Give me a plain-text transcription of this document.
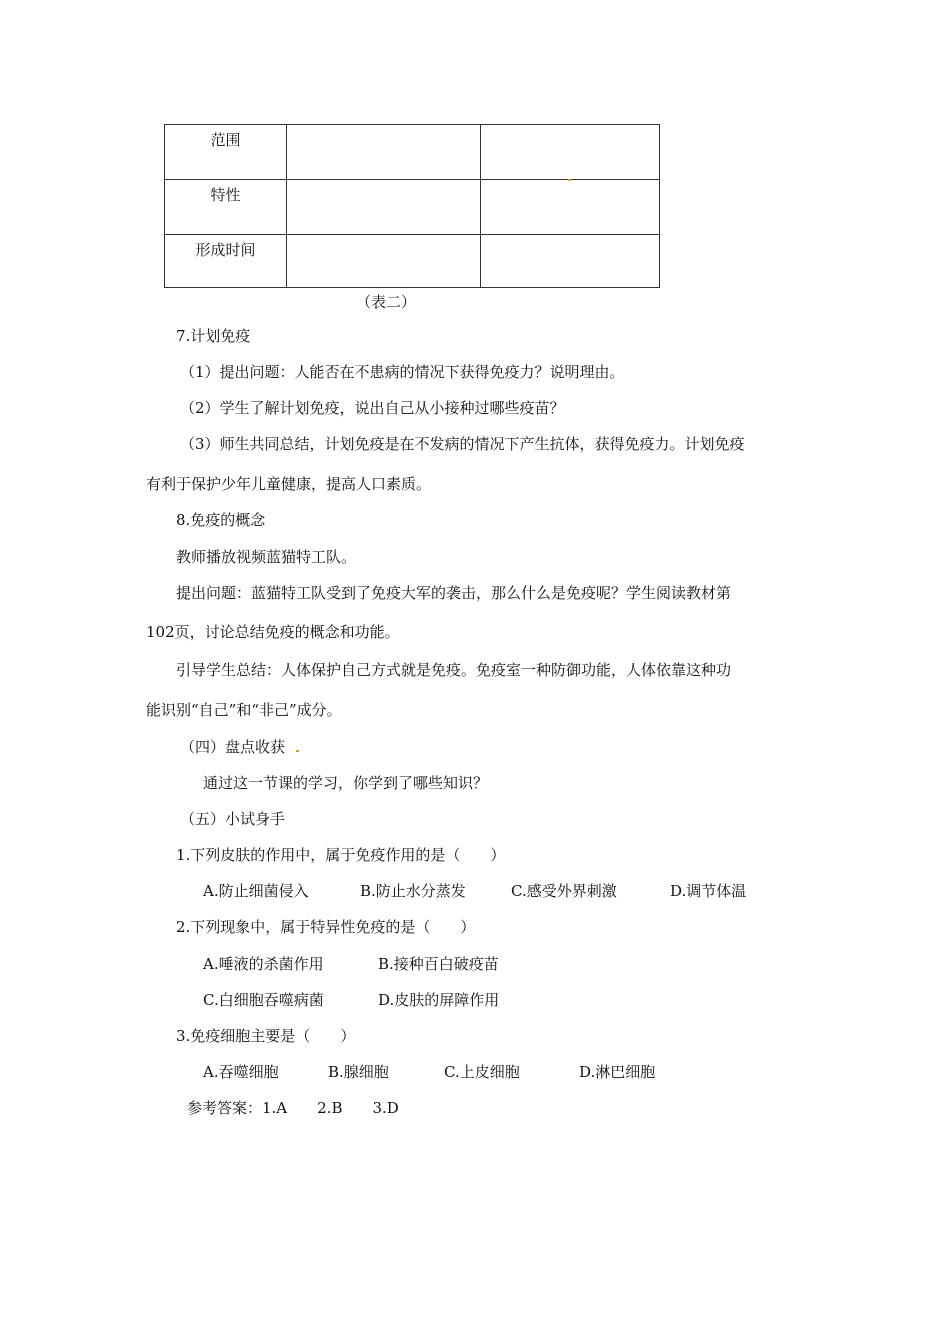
范围		
特性		
形成时间		
（表二）
7.计划免疫
（1）提出问题：人能否在不患病的情况下获得免疫力？说明理由。
（2）学生了解计划免疫，说出自己从小接种过哪些疫苗？
（3）师生共同总结，计划免疫是在不发病的情况下产生抗体，获得免疫力。计划免疫
有利于保护少年儿童健康，提高人口素质。
8.免疫的概念
教师播放视频蓝猫特工队。
提出问题：蓝猫特工队受到了免疫大军的袭击，那么什么是免疫呢？学生阅读教材第
102页，讨论总结免疫的概念和功能。
引导学生总结：人体保护自己方式就是免疫。免疫室一种防御功能，人体依靠这种功
能识别“自己”和“非己”成分。
（四）盘点收获
通过这一节课的学习，你学到了哪些知识？
（五）小试身手
1.下列皮肤的作用中，属于免疫作用的是（　　）
A.防止细菌侵入	B.防止水分蒸发	C.感受外界刺激	D.调节体温
2.下列现象中，属于特异性免疫的是（　　）
A.唾液的杀菌作用	B.接种百白破疫苗
C.白细胞吞噬病菌	D.皮肤的屏障作用
3.免疫细胞主要是（　　）
A.吞噬细胞	B.腺细胞	C.上皮细胞	D.淋巴细胞
参考答案：1.A　　2.B　　3.D
